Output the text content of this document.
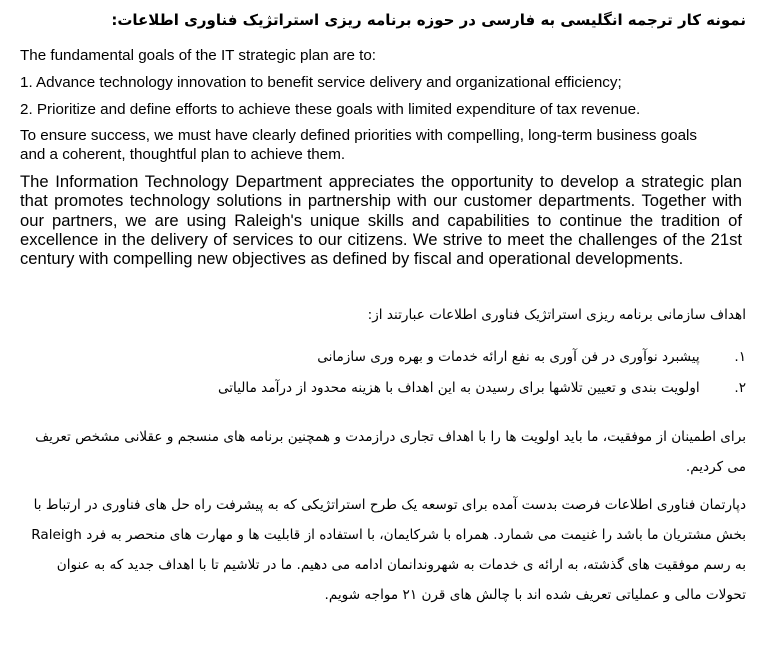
نمونه کار ترجمه انگلیسی به فارسی در حوزه برنامه ریزی استراتژیک فناوری اطلاعات:
The fundamental goals of the IT strategic plan are to:
1. Advance technology innovation to benefit service delivery and organizational efficiency;
2. Prioritize and define efforts to achieve these goals with limited expenditure of tax revenue.
To ensure success, we must have clearly defined priorities with compelling, long-term business goals and a coherent, thoughtful plan to achieve them.
The Information Technology Department appreciates the opportunity to develop a strategic plan that promotes technology solutions in partnership with our customer departments. Together with our partners, we are using Raleigh's unique skills and capabilities to continue the tradition of excellence in the delivery of services to our citizens. We strive to meet the challenges of the 21st century with compelling new objectives as defined by fiscal and operational developments.
اهداف سازمانی برنامه ریزی استراتژیک فناوری اطلاعات عبارتند از:
۱. پیشبرد نوآوری در فن آوری به نفع ارائه خدمات و بهره وری سازمانی
۲. اولویت بندی و تعیین تلاشها برای رسیدن به این اهداف با هزینه محدود از درآمد مالیاتی
برای اطمینان از موفقیت، ما باید اولویت ها را با اهداف تجاری درازمدت و همچنین برنامه های منسجم و عقلانی مشخص تعریف می کردیم.
دپارتمان فناوری اطلاعات فرصت بدست آمده برای توسعه یک طرح استراتژیکی که به پیشرفت راه حل های فناوری در ارتباط با بخش مشتریان ما باشد را غنیمت می شمارد. همراه با شرکایمان، با استفاده از قابلیت ها و مهارت های منحصر به فرد Raleigh به رسم موفقیت های گذشته، به ارائه ی خدمات به شهروندانمان ادامه می دهیم. ما در تلاشیم تا با اهداف جدید که به عنوان تحولات مالی و عملیاتی تعریف شده اند با چالش های قرن ۲۱ مواجه شویم.
